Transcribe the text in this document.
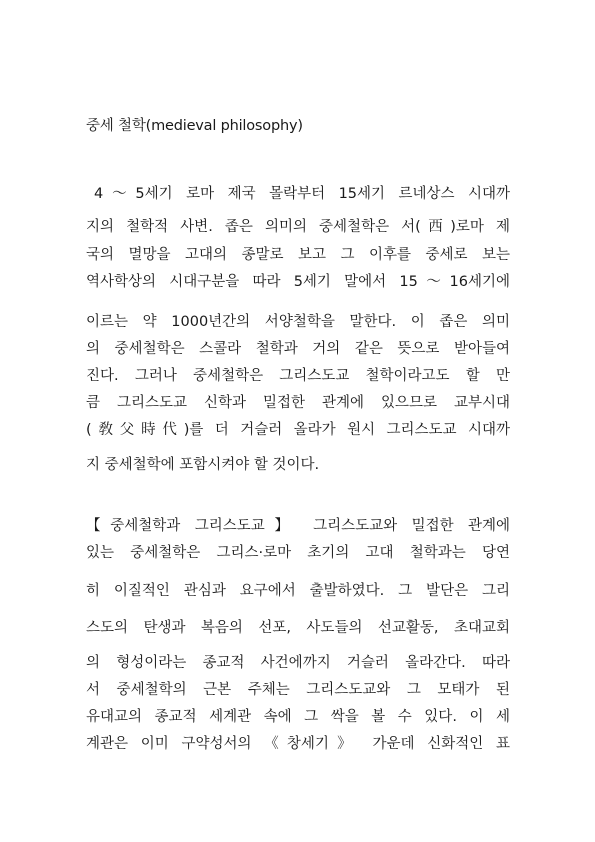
중세 철학(medieval philosophy)
4～5세기 로마 제국 몰락부터 15세기 르네상스 시대까
지의 철학적 사변. 좁은 의미의 중세철학은 서(西)로마 제
국의 멸망을 고대의 종말로 보고 그 이후를 중세로 보는
역사학상의 시대구분을 따라 5세기 말에서 15～16세기에
이르는 약 1000년간의 서양철학을 말한다. 이 좁은 의미
의 중세철학은 스콜라 철학과 거의 같은 뜻으로 받아들여
진다. 그러나 중세철학은 그리스도교 철학이라고도 할 만
큼 그리스도교 신학과 밀접한 관계에 있으므로 교부시대
(敎父時代)를 더 거슬러 올라가 원시 그리스도교 시대까
지 중세철학에 포함시켜야 할 것이다.
【중세철학과 그리스도교】 그리스도교와 밀접한 관계에
있는 중세철학은 그리스·로마 초기의 고대 철학과는 당연
히 이질적인 관심과 요구에서 출발하였다. 그 발단은 그리
스도의 탄생과 복음의 선포, 사도들의 선교활동, 초대교회
의 형성이라는 종교적 사건에까지 거슬러 올라간다. 따라
서 중세철학의 근본 주체는 그리스도교와 그 모태가 된
유대교의 종교적 세계관 속에 그 싹을 볼 수 있다. 이 세
계관은 이미 구약성서의 《창세기》 가운데 신화적인 표
